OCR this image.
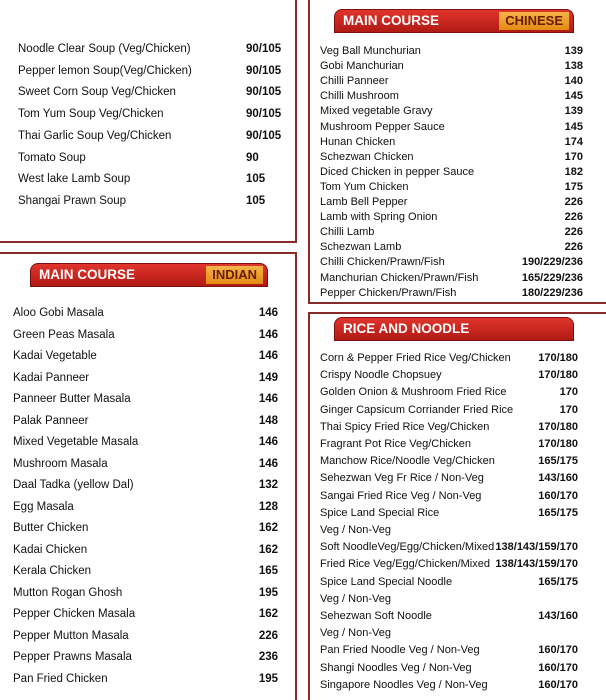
Noodle Clear Soup (Veg/Chicken)	90/105
Pepper lemon Soup(Veg/Chicken)	90/105
Sweet Corn Soup Veg/Chicken	90/105
Tom Yum Soup Veg/Chicken	90/105
Thai Garlic Soup Veg/Chicken	90/105
Tomato Soup	90
West lake Lamb Soup	105
Shangai Prawn Soup	105
MAIN COURSE	INDIAN
Aloo Gobi Masala	146
Green Peas Masala	146
Kadai Vegetable	146
Kadai Panneer	149
Panneer Butter Masala	146
Palak Panneer	148
Mixed Vegetable Masala	146
Mushroom Masala	146
Daal Tadka (yellow Dal)	132
Egg Masala	128
Butter Chicken	162
Kadai Chicken	162
Kerala Chicken	165
Mutton Rogan Ghosh	195
Pepper Chicken Masala	162
Pepper Mutton Masala	226
Pepper Prawns Masala	236
Pan Fried Chicken	195
MAIN COURSE	CHINESE
Veg Ball Munchurian	139
Gobi Manchurian	138
Chilli Panneer	140
Chilli Mushroom	145
Mixed vegetable Gravy	139
Mushroom Pepper Sauce	145
Hunan Chicken	174
Schezwan Chicken	170
Diced Chicken in pepper Sauce	182
Tom Yum Chicken	175
Lamb Bell Pepper	226
Lamb with Spring Onion	226
Chilli Lamb	226
Schezwan Lamb	226
Chilli Chicken/Prawn/Fish	190/229/236
Manchurian Chicken/Prawn/Fish	165/229/236
Pepper Chicken/Prawn/Fish	180/229/236
RICE AND NOODLE
Corn & Pepper Fried Rice Veg/Chicken 170/180
Crispy Noodle Chopsuey	170/180
Golden Onion & Mushroom Fried Rice	170
Ginger Capsicum Corriander Fried Rice	170
Thai Spicy Fried Rice Veg/Chicken	170/180
Fragrant Pot Rice Veg/Chicken	170/180
Manchow Rice/Noodle Veg/Chicken	165/175
Sehezwan Veg Fr Rice / Non-Veg	143/160
Sangai Fried Rice Veg / Non-Veg	160/170
Spice Land Special Rice	165/175
Veg / Non-Veg
Soft NoodleVeg/Egg/Chicken/Mixed 138/143/159/170
Fried Rice Veg/Egg/Chicken/Mixed 138/143/159/170
Spice Land Special Noodle	165/175
Veg / Non-Veg
Sehezwan Soft Noodle	143/160
Veg / Non-Veg
Pan Fried Noodle Veg / Non-Veg	160/170
Shangi Noodles Veg / Non-Veg	160/170
Singapore Noodles Veg / Non-Veg	160/170
